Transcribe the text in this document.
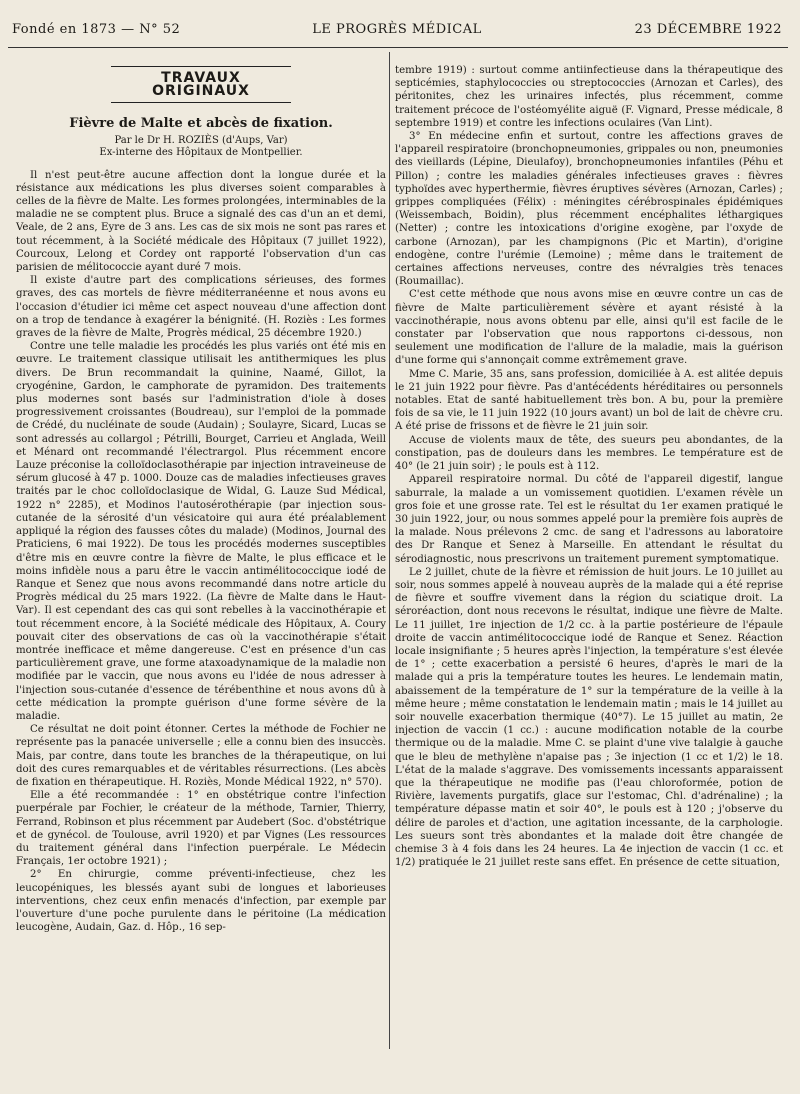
Fondé en 1873 — N° 52	LE PROGRÈS MÉDICAL	23 DÉCEMBRE 1922
TRAVAUX ORIGINAUX
Fièvre de Malte et abcès de fixation.
Par le Dr H. ROZIÈS (d'Aups, Var)
Ex-interne des Hôpitaux de Montpellier.

Il n'est peut-être aucune affection dont la longue durée et la résistance aux médications les plus diverses soient comparables à celles de la fièvre de Malte. Les formes prolongées, interminables de la maladie ne se comptent plus. Bruce a signalé des cas d'un an et demi, Veale, de 2 ans, Eyre de 3 ans. Les cas de six mois ne sont pas rares et tout récemment, à la Société médicale des Hôpitaux (7 juillet 1922), Courcoux, Lelong et Cordey ont rapporté l'observation d'un cas parisien de mélitococcie ayant duré 7 mois.

Il existe d'autre part des complications sérieuses, des formes graves, des cas mortels de fièvre méditerranéenne et nous avons eu l'occasion d'étudier ici même cet aspect nouveau d'une affection dont on a trop de tendance à exagérer la bénignité. (H. Roziès : Les formes graves de la fièvre de Malte, Progrès médical, 25 décembre 1920.)

Contre une telle maladie les procédés les plus variés ont été mis en œuvre. Le traitement classique utilisait les antithermiques les plus divers. De Brun recommandait la quinine, Naamé, Gillot, la cryogénine, Gardon, le camphorate de pyramidon. Des traitements plus modernes sont basés sur l'administration d'iole à doses progressivement croissantes (Boudreau), sur l'emploi de la pommade de Crédé, du nucléinate de soude (Audain) ; Soulayre, Sicard, Lucas se sont adressés au collargol ; Pétrilli, Bourget, Carrieu et Anglada, Weill et Ménard ont recommandé l'électrargol. Plus récemment encore Lauze préconise la colloïdoclasothérapie par injection intraveineuse de sérum glucosé à 47 p. 1000. Douze cas de maladies infectieuses graves traités par le choc colloïdoclasique de Widal, G. Lauze Sud Médical, 1922 n° 2285), et Modinos l'autosérothérapie (par injection sous-cutanée de la sérosité d'un vésicatoire qui aura été préalablement appliqué la région des fausses côtes du malade) (Modinos, Journal des Praticiens, 6 mai 1922). De tous les procédés modernes susceptibles d'être mis en œuvre contre la fièvre de Malte, le plus efficace et le moins infidèle nous a paru être le vaccin antimélitococcique iodé de Ranque et Senez que nous avons recommandé dans notre article du Progrès médical du 25 mars 1922. (La fièvre de Malte dans le Haut-Var). Il est cependant des cas qui sont rebelles à la vaccinothérapie et tout récemment encore, à la Société médicale des Hôpitaux, A. Coury pouvait citer des observations de cas où la vaccinothérapie s'était montrée inefficace et même dangereuse. C'est en présence d'un cas particulièrement grave, une forme ataxoadynamique de la maladie non modifiée par le vaccin, que nous avons eu l'idée de nous adresser à l'injection sous-cutanée d'essence de térébenthine et nous avons dû à cette médication la prompte guérison d'une forme sévère de la maladie.

Ce résultat ne doit point étonner. Certes la méthode de Fochier ne représente pas la panacée universelle ; elle a connu bien des insuccès. Mais, par contre, dans toute les branches de la thérapeutique, on lui doit des cures remarquables et de véritables résurrections. (Les abcès de fixation en thérapeutique. H. Roziès, Monde Médical 1922, n° 570).

Elle a été recommandée : 1° en obstétrique contre l'infection puerpérale par Fochier, le créateur de la méthode, Tarnier, Thierry, Ferrand, Robinson et plus récemment par Audebert (Soc. d'obstétrique et de gynécol. de Toulouse, avril 1920) et par Vignes (Les ressources du traitement général dans l'infection puerpérale. Le Médecin Français, 1er octobre 1921) ;

2° En chirurgie, comme préventi-infectieuse, chez les leucopéniques, les blessés ayant subi de longues et laborieuses interventions, chez ceux enfin menacés d'infection, par exemple par l'ouverture d'une poche purulente dans le péritoine (La médication leucogène, Audain, Gaz. d. Hôp., 16 sep-

tembre 1919) : surtout comme antiinfectieuse dans la thérapeutique des septicémies, staphylococcies ou streptococcies (Arnozan et Carles), des péritonites, chez les urinaires infectés, plus récemment, comme traitement précoce de l'ostéomyélite aiguë (F. Vignard, Presse médicale, 8 septembre 1919) et contre les infections oculaires (Van Lint).

3° En médecine enfin et surtout, contre les affections graves de l'appareil respiratoire (bronchopneumonies, grippales ou non, pneumonies des vieillards (Lépine, Dieulafoy), bronchopneumonies infantiles (Péhu et Pillon) ; contre les maladies générales infectieuses graves : fièvres typhoïdes avec hyperthermie, fièvres éruptives sévères (Arnozan, Carles) ; grippes compliquées (Félix) : méningites cérébrospinales épidémiques (Weissembach, Boidin), plus récemment encéphalites léthargiques (Netter) ; contre les intoxications d'origine exogène, par l'oxyde de carbone (Arnozan), par les champignons (Pic et Martin), d'origine endogène, contre l'urémie (Lemoine) ; même dans le traitement de certaines affections nerveuses, contre des névralgies très tenaces (Roumaillac).

C'est cette méthode que nous avons mise en œuvre contre un cas de fièvre de Malte particulièrement sévère et ayant résisté à la vaccinothérapie, nous avons obtenu par elle, ainsi qu'il est facile de le constater par l'observation que nous rapportons ci-dessous, non seulement une modification de l'allure de la maladie, mais la guérison d'une forme qui s'annonçait comme extrêmement grave.

Mme C. Marie, 35 ans, sans profession, domiciliée à A. est alitée depuis le 21 juin 1922 pour fièvre. Pas d'antécédents héréditaires ou personnels notables. Etat de santé habituellement très bon. A bu, pour la première fois de sa vie, le 11 juin 1922 (10 jours avant) un bol de lait de chèvre cru. A été prise de frissons et de fièvre le 21 juin soir.

Accuse de violents maux de tête, des sueurs peu abondantes, de la constipation, pas de douleurs dans les membres. Le température est de 40° (le 21 juin soir) ; le pouls est à 112.

Appareil respiratoire normal. Du côté de l'appareil digestif, langue saburrale, la malade a un vomissement quotidien. L'examen révèle un gros foie et une grosse rate. Tel est le résultat du 1er examen pratiqué le 30 juin 1922, jour, ou nous sommes appelé pour la première fois auprès de la malade. Nous prélevons 2 cmc. de sang et l'adressons au laboratoire des Dr Ranque et Senez à Marseille. En attendant le résultat du sérodiagnostic, nous prescrivons un traitement purement symptomatique.

Le 2 juillet, chute de la fièvre et rémission de huit jours. Le 10 juillet au soir, nous sommes appelé à nouveau auprès de la malade qui a été reprise de fièvre et souffre vivement dans la région du sciatique droit. La séroréaction, dont nous recevons le résultat, indique une fièvre de Malte. Le 11 juillet, 1re injection de 1/2 cc. à la partie postérieure de l'épaule droite de vaccin antimélitococcique iodé de Ranque et Senez. Réaction locale insignifiante ; 5 heures après l'injection, la température s'est élevée de 1° ; cette exacerbation a persisté 6 heures, d'après le mari de la malade qui a pris la température toutes les heures. Le lendemain matin, abaissement de la température de 1° sur la température de la veille à la même heure ; même constatation le lendemain matin ; mais le 14 juillet au soir nouvelle exacerbation thermique (40°7). Le 15 juillet au matin, 2e injection de vaccin (1 cc.) : aucune modification notable de la courbe thermique ou de la maladie. Mme C. se plaint d'une vive talalgie à gauche que le bleu de methylène n'apaise pas ; 3e injection (1 cc et 1/2) le 18. L'état de la malade s'aggrave. Des vomissements incessants apparaissent que la thérapeutique ne modifie pas (l'eau chloroformée, potion de Rivière, lavements purgatifs, glace sur l'estomac, Chl. d'adrénaline) ; la température dépasse matin et soir 40°, le pouls est à 120 ; j'observe du délire de paroles et d'action, une agitation incessante, de la carphologie. Les sueurs sont très abondantes et la malade doit être changée de chemise 3 à 4 fois dans les 24 heures. La 4e injection de vaccin (1 cc. et 1/2) pratiquée le 21 juillet reste sans effet. En présence de cette situation,
